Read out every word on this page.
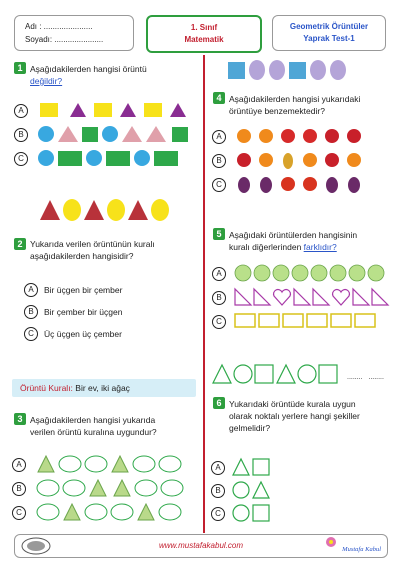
Adı : ......................
Soyadı: ......................
1. Sınıf
Matematik
Geometrik Örüntüler
Yaprak Test-1
1 Aşağıdakilerden hangisi örüntü
değildir?
A
B
C
2 Yukarıda verilen örüntünün kuralı
aşağıdakilerden hangisidir?
A	Bir üçgen bir çember
B	Bir çember bir üçgen
C	Üç üçgen üç çember
Örüntü Kuralı: Bir ev, iki ağaç
3 Aşağıdakilerden hangisi yukarıda
verilen örüntü kuralına uygundur?
A
B
C
4 Aşağıdakilerden hangisi yukarıdaki
örüntüye benzemektedir?
A
B
C
5 Aşağıdaki örüntülerden hangisinin
kuralı diğerlerinden farklıdır?
A
B
C
........   ........
6 Yukarıdaki örüntüde kurala uygun
olarak noktalı yerlere hangi şekiller
gelmelidir?
A
B
C
www.mustafakabul.com	Mustafa Kabul
